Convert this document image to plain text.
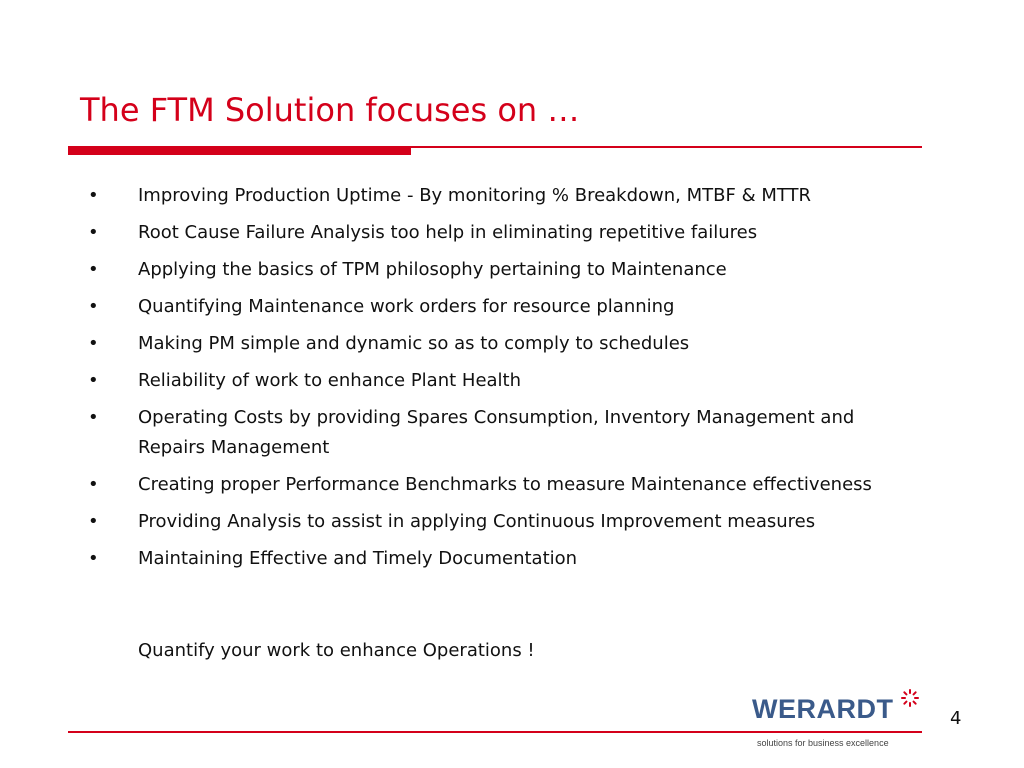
The FTM Solution focuses on …
• Improving Production Uptime - By monitoring % Breakdown, MTBF & MTTR
• Root Cause Failure Analysis too help in eliminating repetitive failures
• Applying the basics of TPM philosophy pertaining to Maintenance
• Quantifying Maintenance work orders for resource planning
• Making PM simple and dynamic so as to comply to schedules
• Reliability of work to enhance Plant Health
• Operating Costs by providing Spares Consumption, Inventory Management and Repairs Management
• Creating proper Performance Benchmarks to measure Maintenance effectiveness
• Providing Analysis to assist in applying Continuous Improvement measures
• Maintaining Effective and Timely Documentation
Quantify your work to enhance Operations !
WERARDT
solutions for business excellence
4
